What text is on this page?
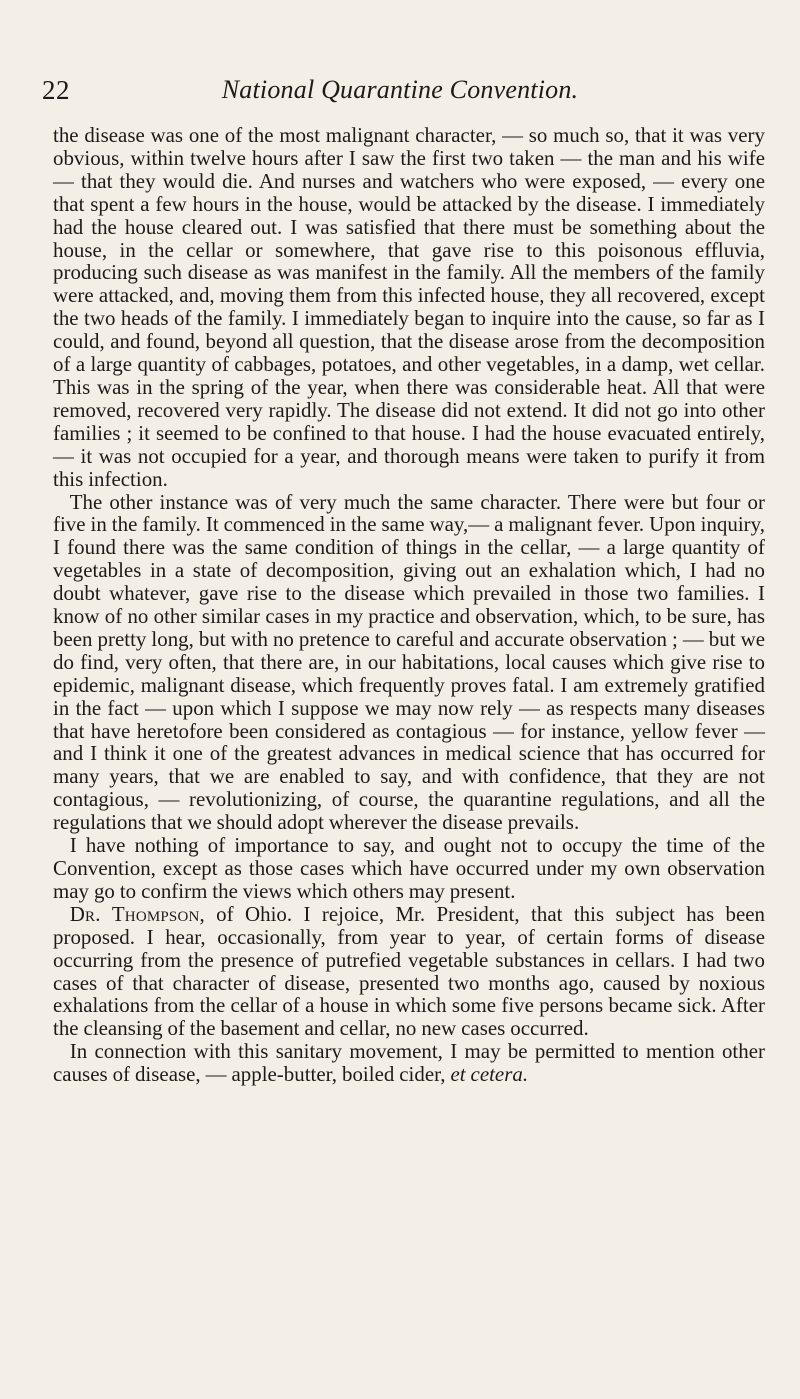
22	National Quarantine Convention.

the disease was one of the most malignant character, — so much so, that it was very obvious, within twelve hours after I saw the first two taken — the man and his wife — that they would die. And nurses and watchers who were exposed, — every one that spent a few hours in the house, would be attacked by the disease. I immediately had the house cleared out. I was satisfied that there must be something about the house, in the cellar or somewhere, that gave rise to this poisonous effluvia, producing such disease as was manifest in the family. All the members of the family were attacked, and, moving them from this infected house, they all recovered, except the two heads of the family. I immediately began to inquire into the cause, so far as I could, and found, beyond all question, that the disease arose from the decomposition of a large quantity of cabbages, potatoes, and other vegetables, in a damp, wet cellar. This was in the spring of the year, when there was considerable heat. All that were removed, recovered very rapidly. The disease did not extend. It did not go into other families ; it seemed to be confined to that house. I had the house evacuated entirely, — it was not occupied for a year, and thorough means were taken to purify it from this infection.

The other instance was of very much the same character. There were but four or five in the family. It commenced in the same way,— a malignant fever. Upon inquiry, I found there was the same condition of things in the cellar, — a large quantity of vegetables in a state of decomposition, giving out an exhalation which, I had no doubt whatever, gave rise to the disease which prevailed in those two families. I know of no other similar cases in my practice and observation, which, to be sure, has been pretty long, but with no pretence to careful and accurate observation ; — but we do find, very often, that there are, in our habitations, local causes which give rise to epidemic, malignant disease, which frequently proves fatal. I am extremely gratified in the fact — upon which I suppose we may now rely — as respects many diseases that have heretofore been considered as contagious — for instance, yellow fever — and I think it one of the greatest advances in medical science that has occurred for many years, that we are enabled to say, and with confidence, that they are not contagious, — revolutionizing, of course, the quarantine regulations, and all the regulations that we should adopt wherever the disease prevails.

I have nothing of importance to say, and ought not to occupy the time of the Convention, except as those cases which have occurred under my own observation may go to confirm the views which others may present.

Dr. Thompson, of Ohio. I rejoice, Mr. President, that this subject has been proposed. I hear, occasionally, from year to year, of certain forms of disease occurring from the presence of putrefied vegetable substances in cellars. I had two cases of that character of disease, presented two months ago, caused by noxious exhalations from the cellar of a house in which some five persons became sick. After the cleansing of the basement and cellar, no new cases occurred.

In connection with this sanitary movement, I may be permitted to mention other causes of disease, — apple-butter, boiled cider, et cetera.
